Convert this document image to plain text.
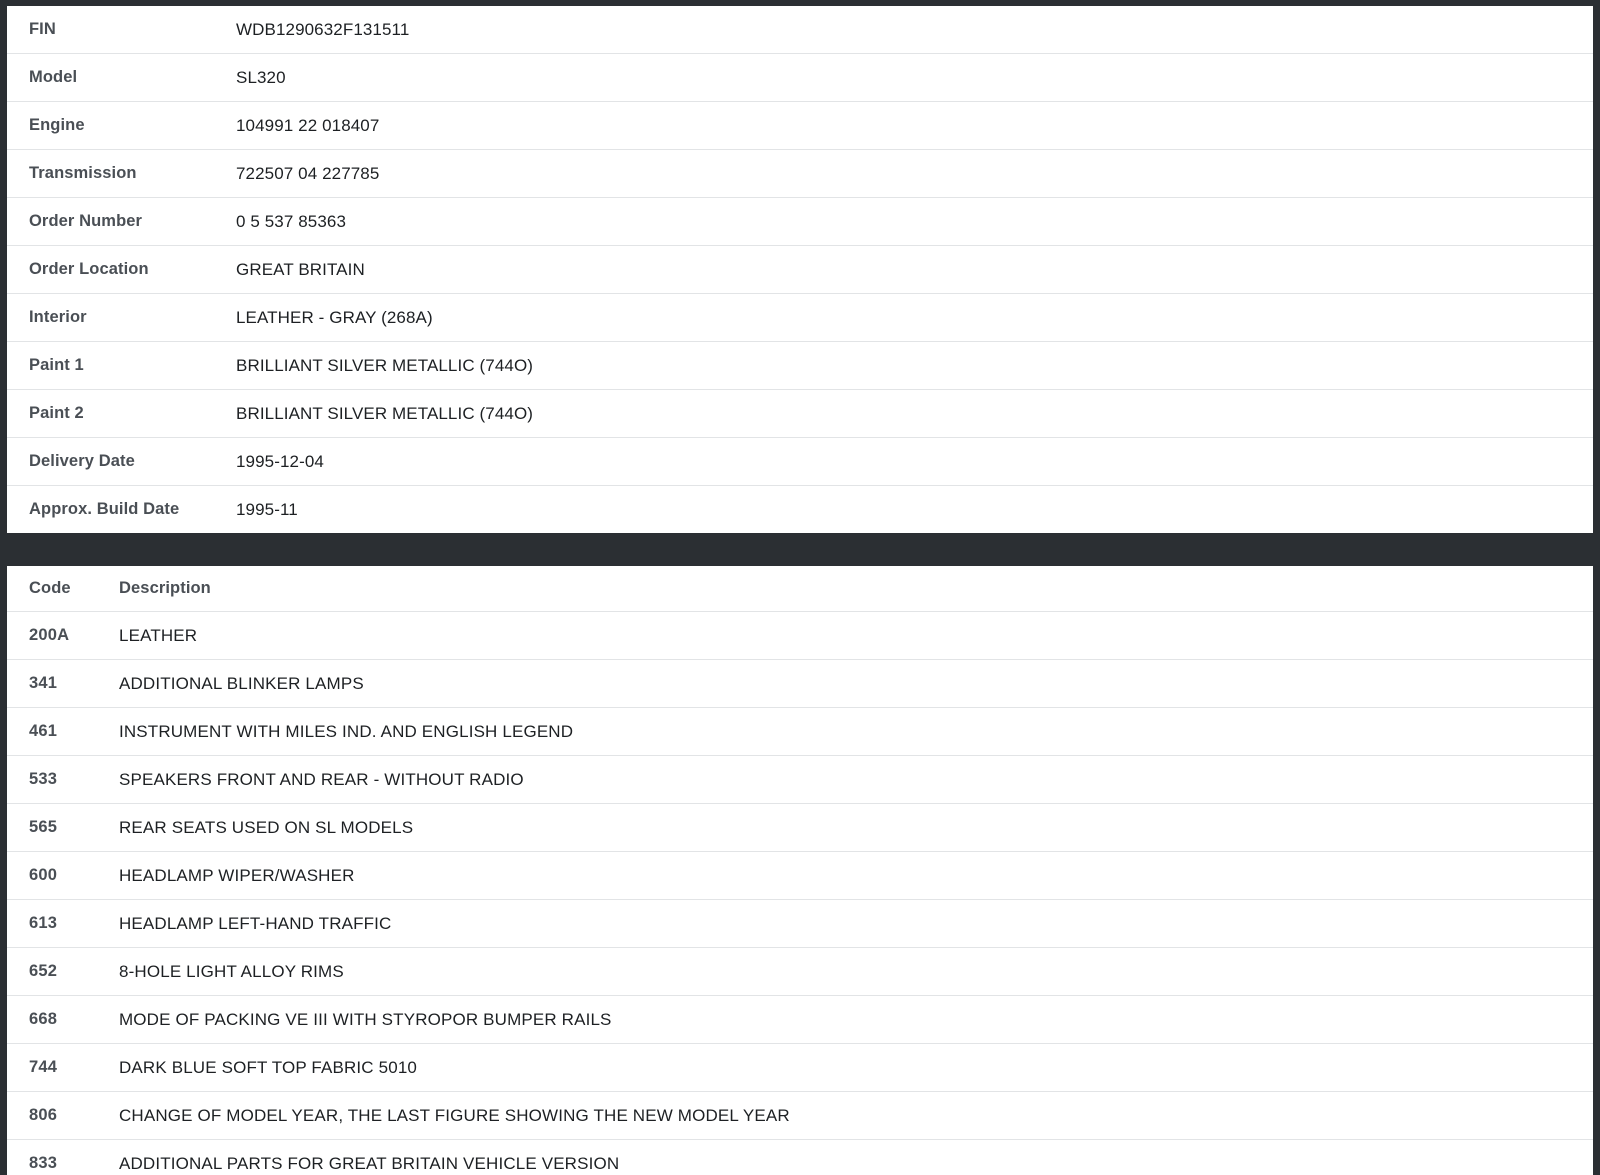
FIN	WDB1290632F131511
Model	SL320
Engine	104991 22 018407
Transmission	722507 04 227785
Order Number	0 5 537 85363
Order Location	GREAT BRITAIN
Interior	LEATHER - GRAY (268A)
Paint 1	BRILLIANT SILVER METALLIC (744O)
Paint 2	BRILLIANT SILVER METALLIC (744O)
Delivery Date	1995-12-04
Approx. Build Date	1995-11
Code	Description
200A	LEATHER
341	ADDITIONAL BLINKER LAMPS
461	INSTRUMENT WITH MILES IND. AND ENGLISH LEGEND
533	SPEAKERS FRONT AND REAR - WITHOUT RADIO
565	REAR SEATS USED ON SL MODELS
600	HEADLAMP WIPER/WASHER
613	HEADLAMP LEFT-HAND TRAFFIC
652	8-HOLE LIGHT ALLOY RIMS
668	MODE OF PACKING VE III WITH STYROPOR BUMPER RAILS
744	DARK BLUE SOFT TOP FABRIC 5010
806	CHANGE OF MODEL YEAR, THE LAST FIGURE SHOWING THE NEW MODEL YEAR
833	ADDITIONAL PARTS FOR GREAT BRITAIN VEHICLE VERSION
